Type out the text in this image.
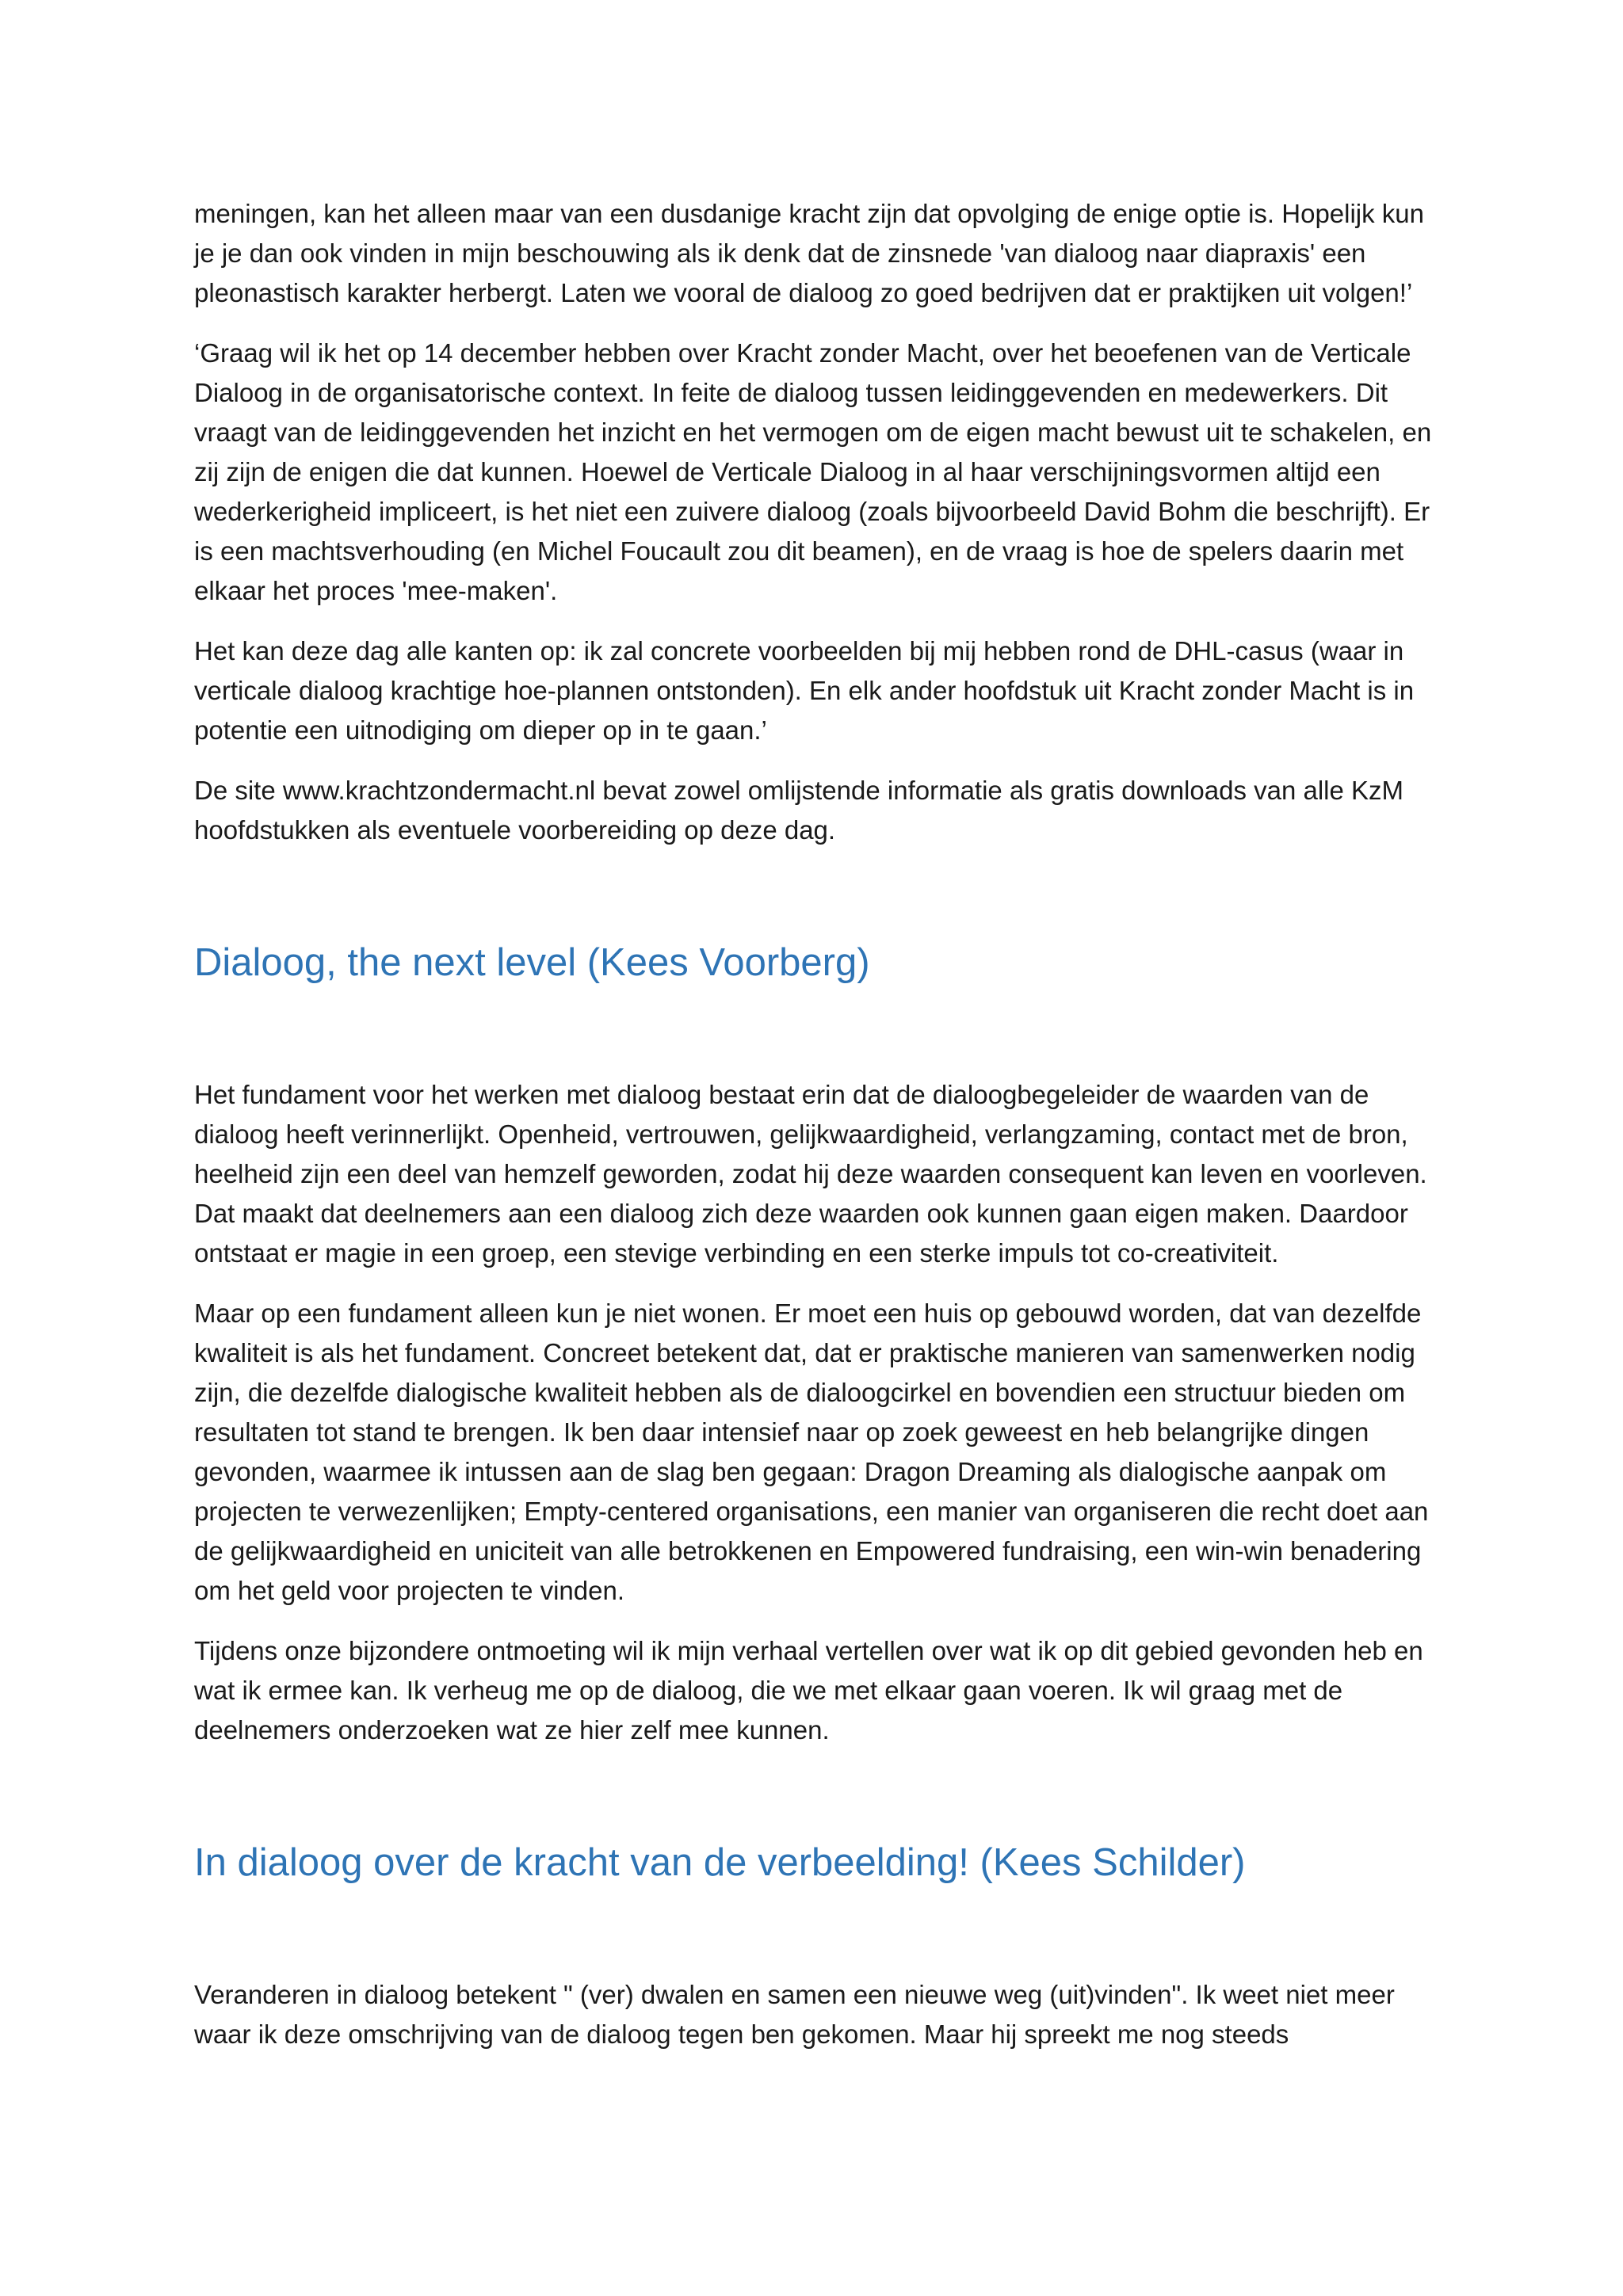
meningen, kan het alleen maar van een dusdanige kracht zijn dat opvolging de enige optie is. Hopelijk kun je je dan ook vinden in mijn beschouwing als ik denk dat de zinsnede 'van dialoog naar diapraxis' een pleonastisch karakter herbergt. Laten we vooral de dialoog zo goed bedrijven dat er praktijken uit volgen!’

‘Graag wil ik het op 14 december hebben over Kracht zonder Macht, over het beoefenen van de Verticale Dialoog in de organisatorische context. In feite de dialoog tussen leidinggevenden en medewerkers. Dit vraagt van de leidinggevenden het inzicht en het vermogen om de eigen macht bewust uit te schakelen, en zij zijn de enigen die dat kunnen. Hoewel de Verticale Dialoog in al haar verschijningsvormen altijd een wederkerigheid impliceert, is het niet een zuivere dialoog (zoals bijvoorbeeld David Bohm die beschrijft). Er is een machtsverhouding (en Michel Foucault zou dit beamen), en de vraag is hoe de spelers daarin met elkaar het proces 'mee-maken'.

Het kan deze dag alle kanten op: ik zal concrete voorbeelden bij mij hebben rond de DHL-casus (waar in verticale dialoog krachtige hoe-plannen ontstonden). En elk ander hoofdstuk uit Kracht zonder Macht is in potentie een uitnodiging om dieper op in te gaan.’

De site www.krachtzondermacht.nl bevat zowel omlijstende informatie als gratis downloads van alle KzM hoofdstukken als eventuele voorbereiding op deze dag.

Dialoog, the next level (Kees Voorberg)

Het fundament voor het werken met dialoog bestaat erin dat de dialoogbegeleider de waarden van de dialoog heeft verinnerlijkt. Openheid, vertrouwen, gelijkwaardigheid, verlangzaming, contact met de bron, heelheid zijn een deel van hemzelf geworden, zodat hij deze waarden consequent kan leven en voorleven. Dat maakt dat deelnemers aan een dialoog zich deze waarden ook kunnen gaan eigen maken. Daardoor ontstaat er magie in een groep, een stevige verbinding en een sterke impuls tot co-creativiteit.

Maar op een fundament alleen kun je niet wonen. Er moet een huis op gebouwd worden, dat van dezelfde kwaliteit is als het fundament. Concreet betekent dat, dat er praktische manieren van samenwerken nodig zijn, die dezelfde dialogische kwaliteit hebben als de dialoogcirkel en bovendien een structuur bieden om resultaten tot stand te brengen. Ik ben daar intensief naar op zoek geweest en heb belangrijke dingen gevonden, waarmee ik intussen aan de slag ben gegaan: Dragon Dreaming als dialogische aanpak om projecten te verwezenlijken; Empty-centered organisations, een manier van organiseren die recht doet aan de gelijkwaardigheid en uniciteit van alle betrokkenen en Empowered fundraising, een win-win benadering om het geld voor projecten te vinden.

Tijdens onze bijzondere ontmoeting wil ik mijn verhaal vertellen over wat ik op dit gebied gevonden heb en wat ik ermee kan. Ik verheug me op de dialoog, die we met elkaar gaan voeren. Ik wil graag met de deelnemers onderzoeken wat ze hier zelf mee kunnen.

In dialoog over de kracht van de verbeelding! (Kees Schilder)

Veranderen in dialoog betekent " (ver) dwalen en samen een nieuwe weg (uit)vinden". Ik weet niet meer waar ik deze omschrijving van de dialoog tegen ben gekomen. Maar hij spreekt me nog steeds
